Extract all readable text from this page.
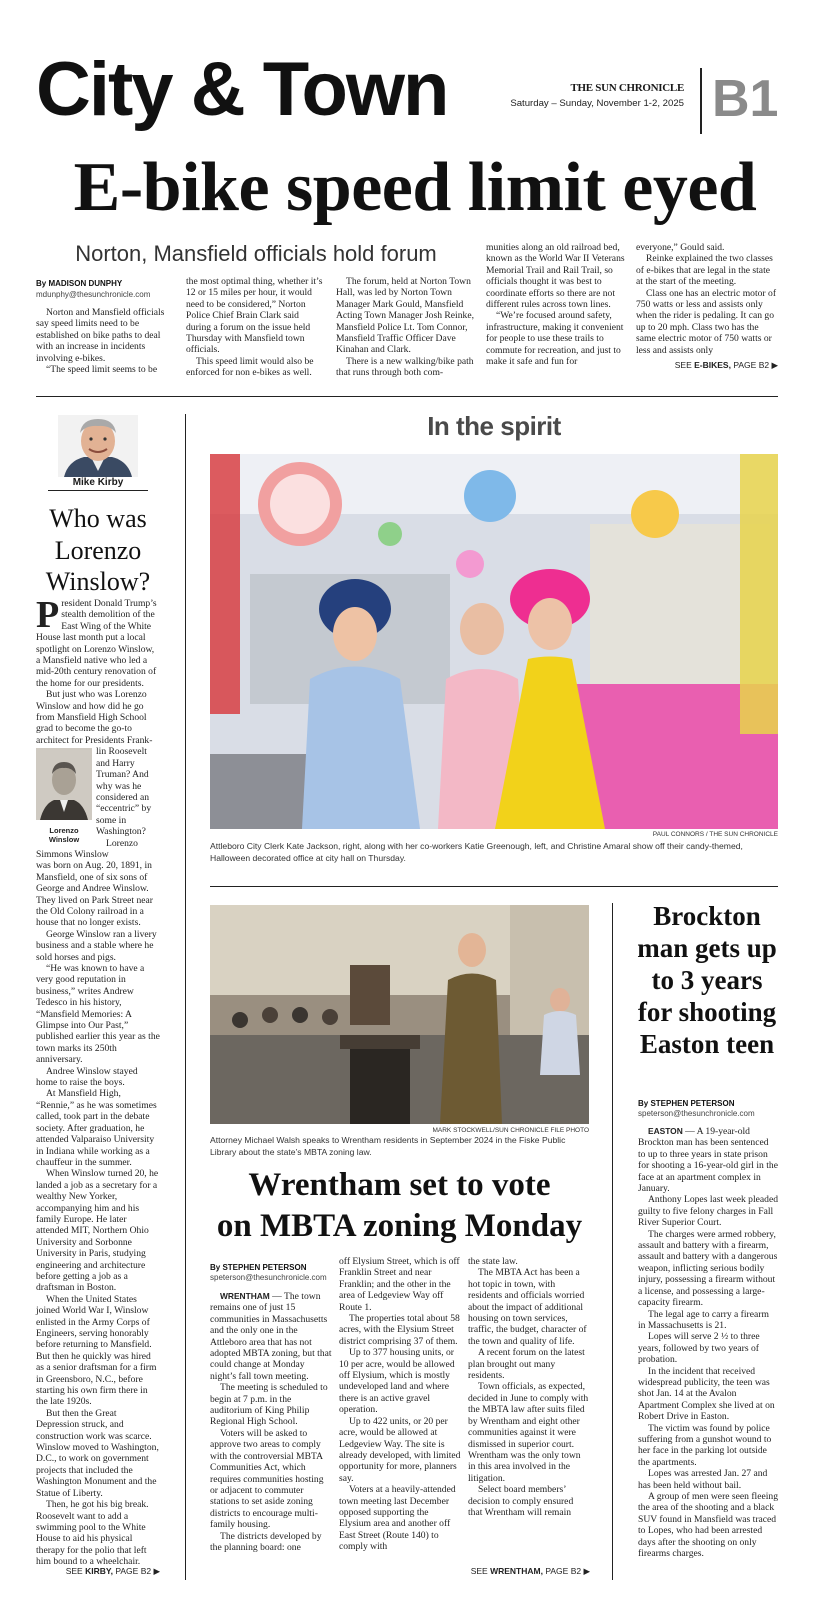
City & Town	THE SUN CHRONICLE
Saturday – Sunday, November 1-2, 2025 B1
E-bike speed limit eyed
Norton, Mansfield officials hold forum
By MADISON DUNPHY
mdunphy@thesunchronicle.com

Norton and Mansfield officials say speed limits need to be established on bike paths to deal with an increase in incidents involving e-bikes.

“The speed limit seems to be

the most optimal thing, whether it’s 12 or 15 miles per hour, it would need to be considered,” Norton Police Chief Brain Clark said during a forum on the issue held Thursday with Mansfield town officials.

This speed limit would also be enforced for non e-bikes as well.

The forum, held at Norton Town Hall, was led by Norton Town Manager Mark Gould, Mansfield Acting Town Manager Josh Reinke, Mansfield Police Lt. Tom Connor, Mansfield Traffic Officer Dave Kinahan and Clark.

There is a new walking/bike path that runs through both com-

munities along an old railroad bed, known as the World War II Veterans Memorial Trail and Rail Trail, so officials thought it was best to coordinate efforts so there are not different rules across town lines.

“We’re focused around safety, infrastructure, making it convenient for people to use these trails to commute for recreation, and just to make it safe and fun for

everyone,” Gould said.

Reinke explained the two classes of e-bikes that are legal in the state at the start of the meeting.

Class one has an electric motor of 750 watts or less and assists only when the rider is pedaling. It can go up to 20 mph. Class two has the same electric motor of 750 watts or less and assists only

SEE E-BIKES, PAGE B2 ▶
Mike Kirby
Who was Lorenzo Winslow?
P resident Donald Trump’s stealth demolition of the East Wing of the White House last month put a local spotlight on Lorenzo Winslow, a Mansfield native who led a mid-20th century renovation of the home for our presidents.

But just who was Lorenzo Winslow and how did he go from Mansfield High School grad to become the go-to architect for Presidents Frank-

Lorenzo Winslow
lin Roosevelt and Harry Truman? And why was he considered an “eccentric” by some in Washington?
Lorenzo Simmons Winslow

was born on Aug. 20, 1891, in Mansfield, one of six sons of George and Andree Winslow. They lived on Park Street near the Old Colony railroad in a house that no longer exists.

George Winslow ran a livery business and a stable where he sold horses and pigs.

“He was known to have a very good reputation in business,” writes Andrew Tedesco in his history, “Mansfield Memories: A Glimpse into Our Past,” published earlier this year as the town marks its 250th anniversary.

Andree Winslow stayed home to raise the boys.

At Mansfield High, “Rennie,” as he was sometimes called, took part in the debate society. After graduation, he attended Valparaiso University in Indiana while working as a chauffeur in the summer.

When Winslow turned 20, he landed a job as a secretary for a wealthy New Yorker, accompanying him and his family Europe. He later attended MIT, Northern Ohio University and Sorbonne University in Paris, studying engineering and architecture before getting a job as a draftsman in Boston.

When the United States joined World War I, Winslow enlisted in the Army Corps of Engineers, serving honorably before returning to Mansfield. But then he quickly was hired as a senior draftsman for a firm in Greensboro, N.C., before starting his own firm there in the late 1920s.

But then the Great Depression struck, and construction work was scarce. Winslow moved to Washington, D.C., to work on government projects that included the Washington Monument and the Statue of Liberty.

Then, he got his big break. Roosevelt want to add a swimming pool to the White House to aid his physical therapy for the polio that left him bound to a wheelchair.

SEE KIRBY, PAGE B2 ▶
In the spirit
PAUL CONNORS / THE SUN CHRONICLE
Attleboro City Clerk Kate Jackson, right, along with her co-workers Katie Greenough, left, and Christine Amaral show off their candy-themed, Halloween decorated office at city hall on Thursday.
MARK STOCKWELL/SUN CHRONICLE FILE PHOTO
Attorney Michael Walsh speaks to Wrentham residents in September 2024 in the Fiske Public Library about the state’s MBTA zoning law.
Wrentham set to vote
on MBTA zoning Monday
By STEPHEN PETERSON
speterson@thesunchronicle.com

WRENTHAM — The town remains one of just 15 communities in Massachusetts and the only one in the Attleboro area that has not adopted MBTA zoning, but that could change at Monday night’s fall town meeting.

The meeting is scheduled to begin at 7 p.m. in the auditorium of King Philip Regional High School.

Voters will be asked to approve two areas to comply with the controversial MBTA Communities Act, which requires communities hosting or adjacent to commuter stations to set aside zoning districts to encourage multi-family housing.

The districts developed by the planning board: one

off Elysium Street, which is off Franklin Street and near Franklin; and the other in the area of Ledgeview Way off Route 1.

The properties total about 58 acres, with the Elysium Street district comprising 37 of them.

Up to 377 housing units, or 10 per acre, would be allowed off Elysium, which is mostly undeveloped land and where there is an active gravel operation.

Up to 422 units, or 20 per acre, would be allowed at Ledgeview Way. The site is already developed, with limited opportunity for more, planners say.

Voters at a heavily-attended town meeting last December opposed supporting the Elysium area and another off East Street (Route 140) to comply with

the state law.

The MBTA Act has been a hot topic in town, with residents and officials worried about the impact of additional housing on town services, traffic, the budget, character of the town and quality of life.

A recent forum on the latest plan brought out many residents.

Town officials, as expected, decided in June to comply with the MBTA law after suits filed by Wrentham and eight other communities against it were dismissed in superior court. Wrentham was the only town in this area involved in the litigation.

Select board members’ decision to comply ensured that Wrentham will remain

SEE WRENTHAM, PAGE B2 ▶
Brockton man gets up to 3 years for shooting Easton teen
By STEPHEN PETERSON
speterson@thesunchronicle.com

EASTON — A 19-year-old Brockton man has been sentenced to up to three years in state prison for shooting a 16-year-old girl in the face at an apartment complex in January.

Anthony Lopes last week pleaded guilty to five felony charges in Fall River Superior Court.

The charges were armed robbery, assault and battery with a firearm, assault and battery with a dangerous weapon, inflicting serious bodily injury, possessing a firearm without a license, and possessing a large-capacity firearm.

The legal age to carry a firearm in Massachusetts is 21.

Lopes will serve 2 ½ to three years, followed by two years of probation.

In the incident that received widespread publicity, the teen was shot Jan. 14 at the Avalon Apartment Complex she lived at on Robert Drive in Easton.

The victim was found by police suffering from a gunshot wound to her face in the parking lot outside the apartments.

Lopes was arrested Jan. 27 and has been held without bail.

A group of men were seen fleeing the area of the shooting and a black SUV found in Mansfield was traced to Lopes, who had been arrested days after the shooting on only firearms charges.
